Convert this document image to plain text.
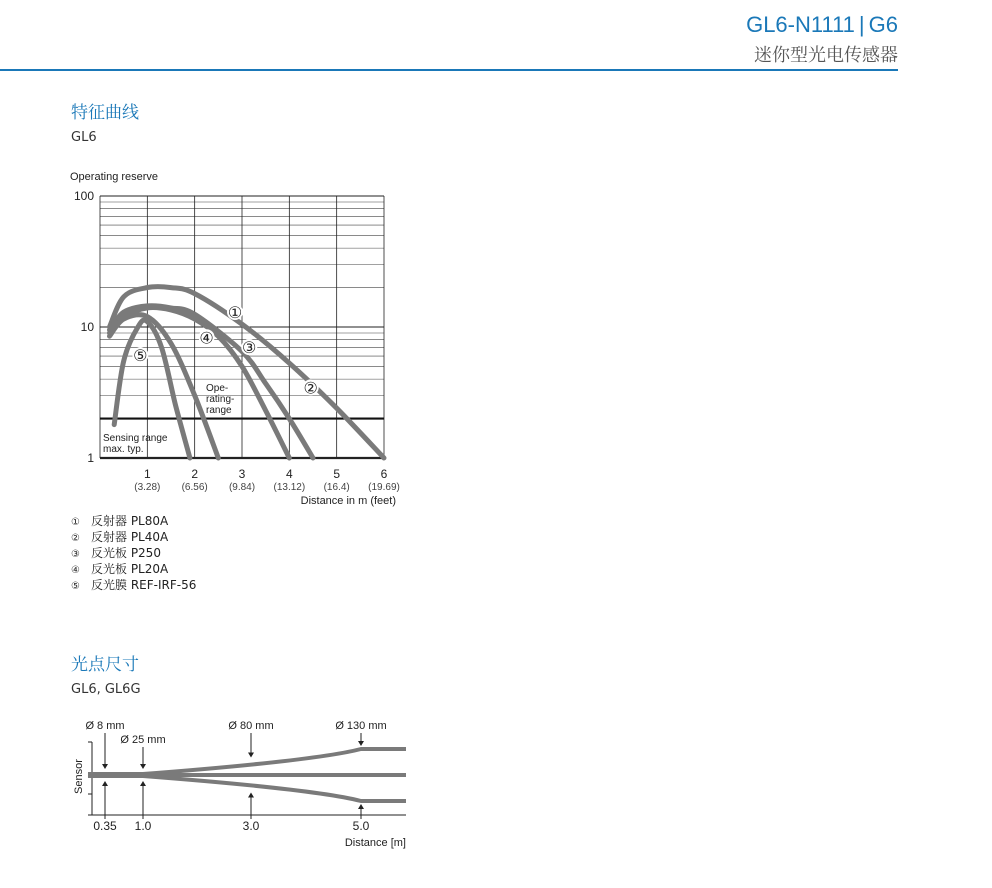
GL6-N1111 | G6
迷你型光电传感器
特征曲线
GL6
Operating reserve
1
10
100
1
(3.28)
2
(6.56)
3
(9.84)
4
(13.12)
5
(16.4)
6
(19.69)
①
②
③
④
⑤
Ope-
rating-
range
Sensing range
max. typ.
Distance in m (feet)
① 反射器 PL80A
② 反射器 PL40A
③ 反光板 P250
④ 反光板 PL20A
⑤ 反光膜 REF-IRF-56
光点尺寸
GL6, GL6G
Sensor
Ø 8 mm
Ø 25 mm
Ø 80 mm	Ø 130 mm
0.35 1.0	3.0	5.0
Distance [m]
